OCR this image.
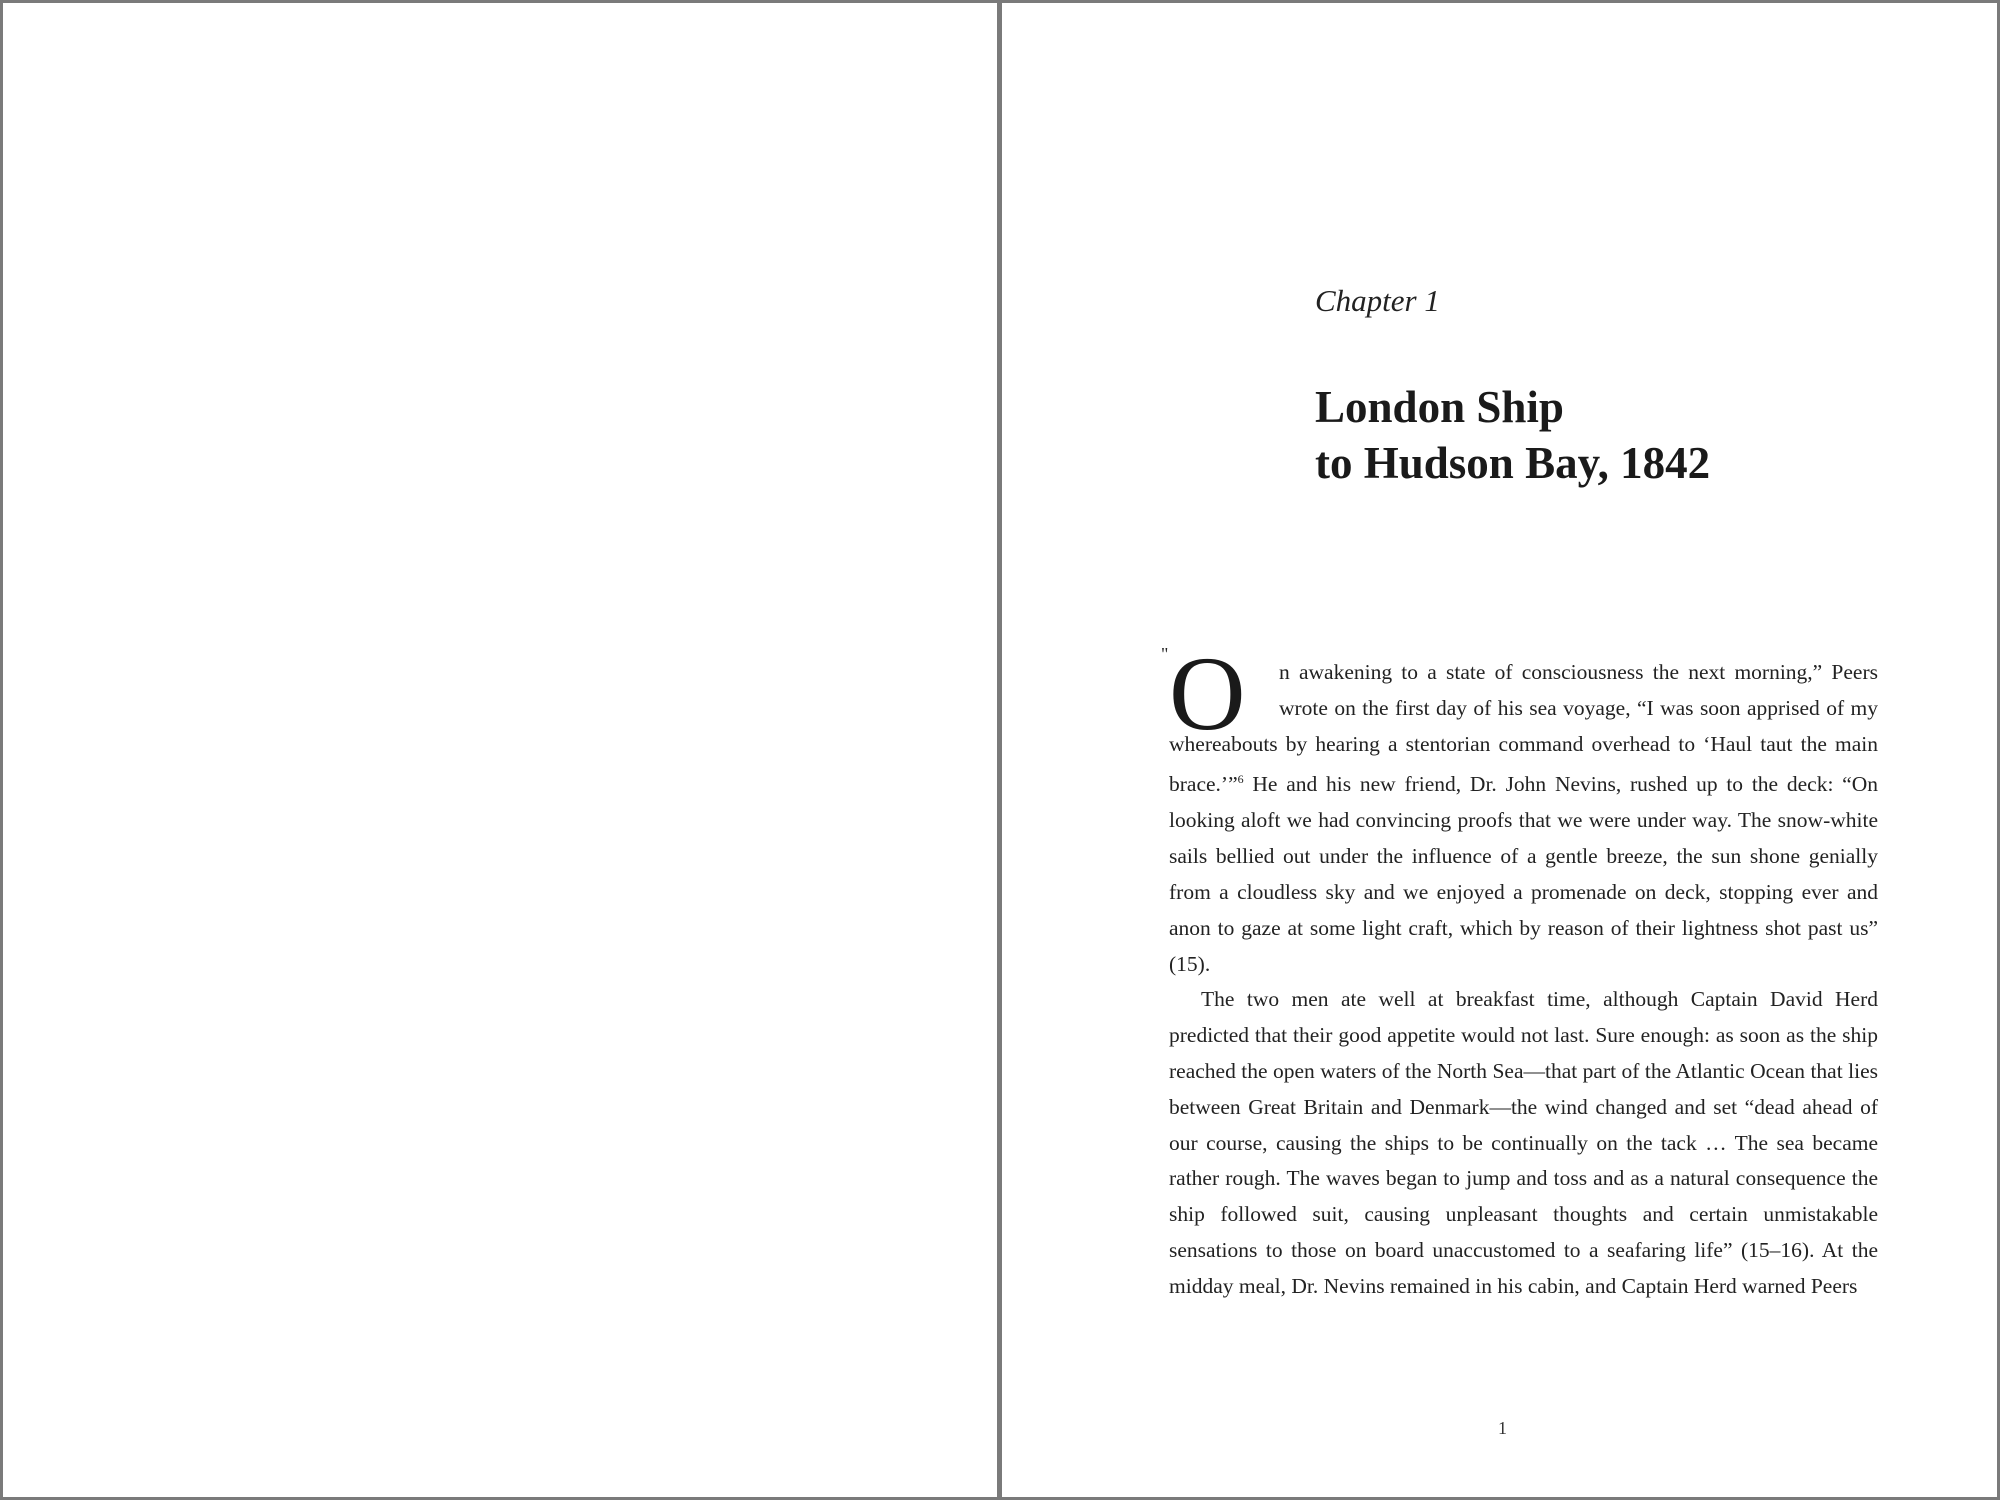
Chapter 1
London Ship
to Hudson Bay, 1842

" O n awakening to a state of consciousness the next morning,” Peers wrote on the first day of his sea voyage, “I was soon apprised of my whereabouts by hearing a stentorian command overhead to ‘Haul taut the main brace.’”$^6$ He and his new friend, Dr. John Nevins, rushed up to the deck: “On looking aloft we had convincing proofs that we were under way. The snow-white sails bellied out under the influence of a gentle breeze, the sun shone genially from a cloudless sky and we enjoyed a promenade on deck, stopping ever and anon to gaze at some light craft, which by reason of their lightness shot past us” (15).

The two men ate well at breakfast time, although Captain David Herd predicted that their good appetite would not last. Sure enough: as soon as the ship reached the open waters of the North Sea—that part of the Atlantic Ocean that lies between Great Britain and Denmark—the wind changed and set “dead ahead of our course, causing the ships to be continually on the tack … The sea became rather rough. The waves began to jump and toss and as a natural consequence the ship followed suit, causing unpleasant thoughts and certain unmistakable sensations to those on board unaccustomed to a seafaring life” (15–16). At the midday meal, Dr. Nevins remained in his cabin, and Captain Herd warned Peers

1
